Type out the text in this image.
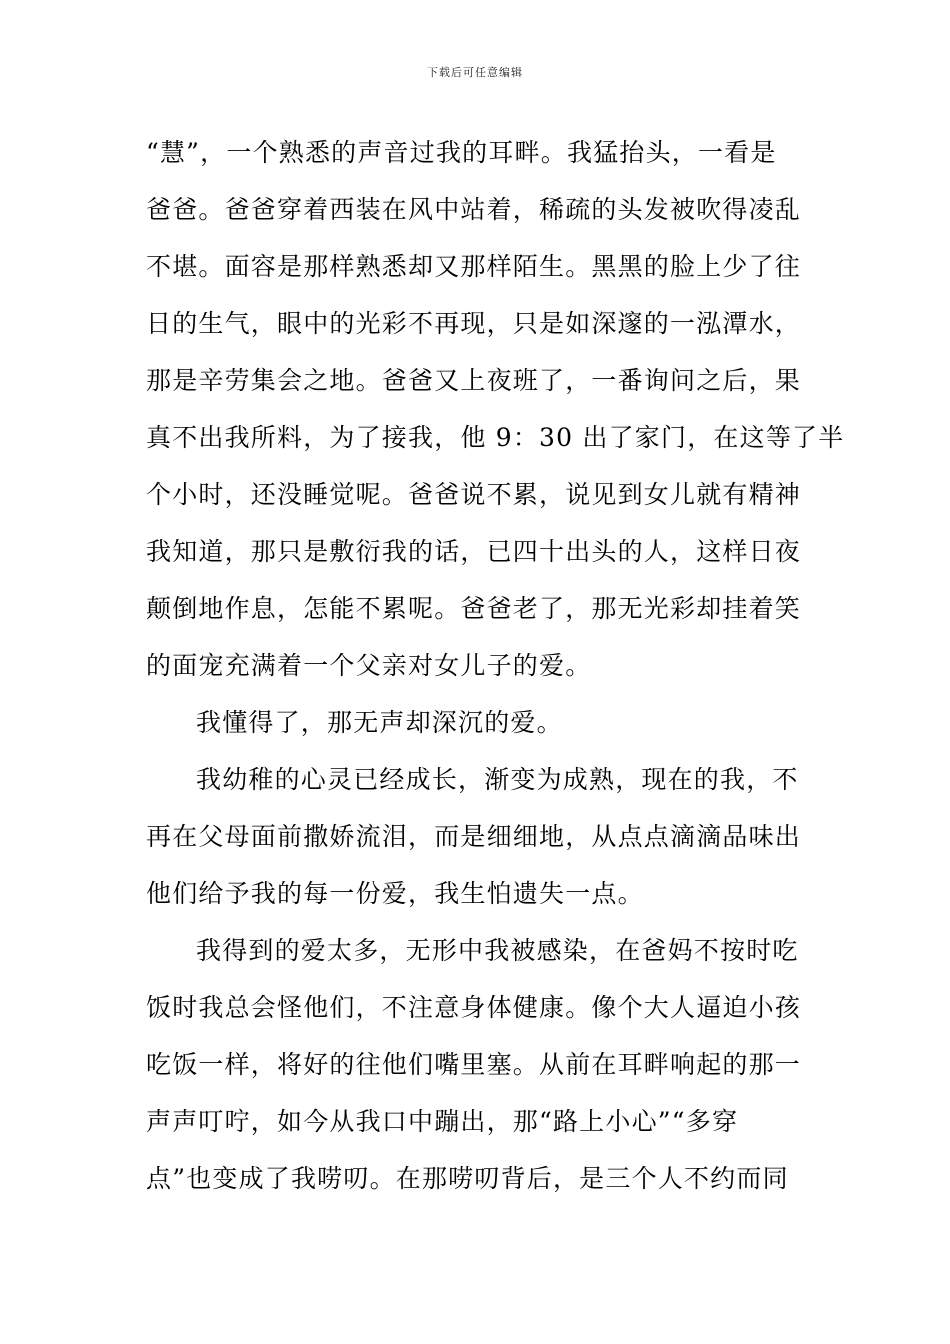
下载后可任意编辑
“慧”，一个熟悉的声音过我的耳畔。我猛抬头，一看是
爸爸。爸爸穿着西装在风中站着，稀疏的头发被吹得凌乱
不堪。面容是那样熟悉却又那样陌生。黑黑的脸上少了往
日的生气，眼中的光彩不再现，只是如深邃的一泓潭水，
那是辛劳集会之地。爸爸又上夜班了，一番询问之后，果
真不出我所料，为了接我，他 9：30 出了家门，在这等了半
个小时，还没睡觉呢。爸爸说不累，说见到女儿就有精神
我知道，那只是敷衍我的话，已四十出头的人，这样日夜
颠倒地作息，怎能不累呢。爸爸老了，那无光彩却挂着笑
的面宠充满着一个父亲对女儿子的爱。
我懂得了，那无声却深沉的爱。
我幼稚的心灵已经成长，渐变为成熟，现在的我，不
再在父母面前撒娇流泪，而是细细地，从点点滴滴品味出
他们给予我的每一份爱，我生怕遗失一点。
我得到的爱太多，无形中我被感染，在爸妈不按时吃
饭时我总会怪他们，不注意身体健康。像个大人逼迫小孩
吃饭一样，将好的往他们嘴里塞。从前在耳畔响起的那一
声声叮咛，如今从我口中蹦出，那“路上小心”“多穿
点”也变成了我唠叨。在那唠叨背后，是三个人不约而同
